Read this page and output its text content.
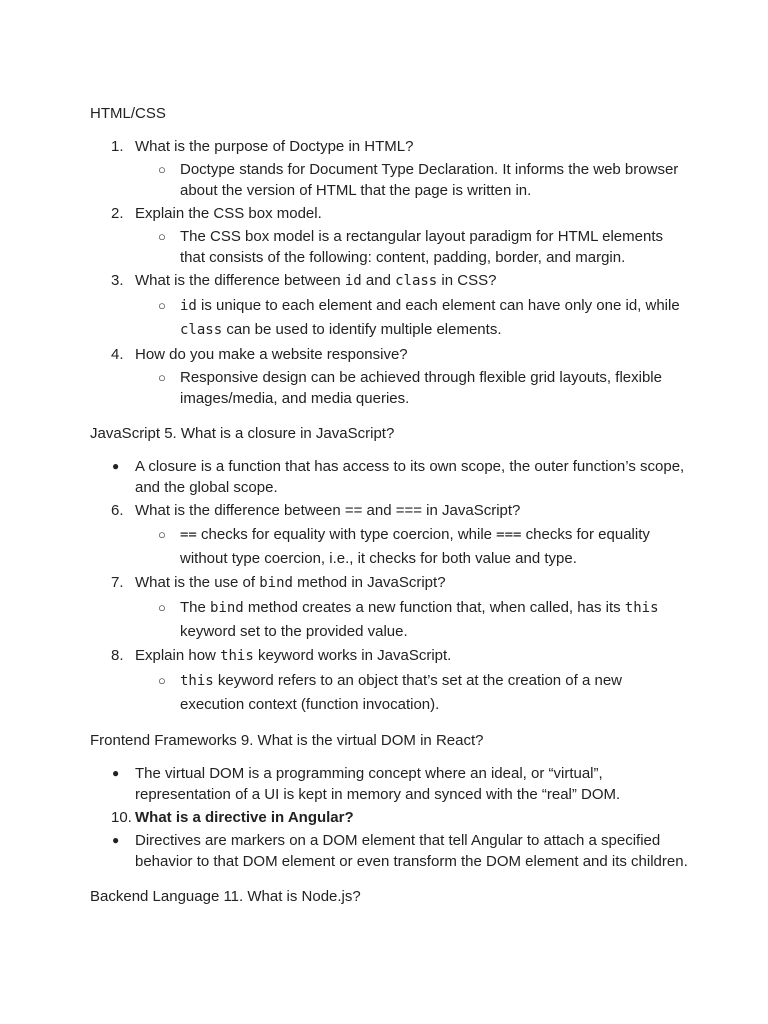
HTML/CSS
1. What is the purpose of Doctype in HTML?
○ Doctype stands for Document Type Declaration. It informs the web browser about the version of HTML that the page is written in.
2. Explain the CSS box model.
○ The CSS box model is a rectangular layout paradigm for HTML elements that consists of the following: content, padding, border, and margin.
3. What is the difference between id and class in CSS?
○ id is unique to each element and each element can have only one id, while class can be used to identify multiple elements.
4. How do you make a website responsive?
○ Responsive design can be achieved through flexible grid layouts, flexible images/media, and media queries.
JavaScript 5. What is a closure in JavaScript?
● A closure is a function that has access to its own scope, the outer function’s scope, and the global scope.
6. What is the difference between == and === in JavaScript?
○ == checks for equality with type coercion, while === checks for equality without type coercion, i.e., it checks for both value and type.
7. What is the use of bind method in JavaScript?
○ The bind method creates a new function that, when called, has its this keyword set to the provided value.
8. Explain how this keyword works in JavaScript.
○ this keyword refers to an object that’s set at the creation of a new execution context (function invocation).
Frontend Frameworks 9. What is the virtual DOM in React?
● The virtual DOM is a programming concept where an ideal, or “virtual”, representation of a UI is kept in memory and synced with the “real” DOM.
10. What is a directive in Angular?
● Directives are markers on a DOM element that tell Angular to attach a specified behavior to that DOM element or even transform the DOM element and its children.
Backend Language 11. What is Node.js?
